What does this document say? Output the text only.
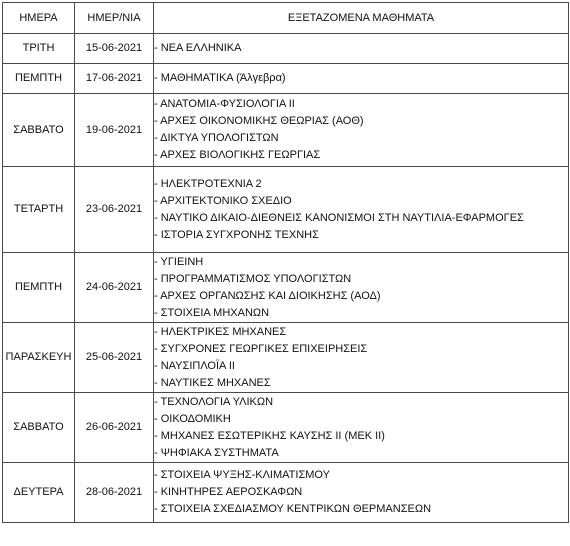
ΗΜΕΡΑ	ΗΜΕΡ/ΝΙΑ	ΕΞΕΤΑΖΟΜΕΝΑ ΜΑΘΗΜΑΤΑ
ΤΡΙΤΗ	15-06-2021	- ΝΕΑ ΕΛΛΗΝΙΚΑ

ΠΕΜΠΤΗ	17-06-2021	- ΜΑΘΗΜΑΤΙΚΑ (Άλγεβρα)

ΣΑΒΒΑΤΟ	19-06-2021	- ΑΝΑΤΟΜΙΑ-ΦΥΣΙΟΛΟΓΙΑ ΙΙ
- ΑΡΧΕΣ ΟΙΚΟΝΟΜΙΚΗΣ ΘΕΩΡΙΑΣ (ΑΟΘ)
- ΔΙΚΤΥΑ ΥΠΟΛΟΓΙΣΤΩΝ
- ΑΡΧΕΣ ΒΙΟΛΟΓΙΚΗΣ ΓΕΩΡΓΙΑΣ

ΤΕΤΑΡΤΗ	23-06-2021	- ΗΛΕΚΤΡΟΤΕΧΝΙΑ 2
- ΑΡΧΙΤΕΚΤΟΝΙΚΟ ΣΧΕΔΙΟ
- ΝΑΥΤΙΚΟ ΔΙΚΑΙΟ-ΔΙΕΘΝΕΙΣ ΚΑΝΟΝΙΣΜΟΙ ΣΤΗ ΝΑΥΤΙΛΙΑ-ΕΦΑΡΜΟΓΕΣ
- ΙΣΤΟΡΙΑ ΣΥΓΧΡΟΝΗΣ ΤΕΧΝΗΣ

ΠΕΜΠΤΗ	24-06-2021	- ΥΓΙΕΙΝΗ
- ΠΡΟΓΡΑΜΜΑΤΙΣΜΟΣ ΥΠΟΛΟΓΙΣΤΩΝ
- ΑΡΧΕΣ ΟΡΓΑΝΩΣΗΣ ΚΑΙ ΔΙΟΙΚΗΣΗΣ (ΑΟΔ)
- ΣΤΟΙΧΕΙΑ ΜΗΧΑΝΩΝ

ΠΑΡΑΣΚΕΥΗ	25-06-2021	- ΗΛΕΚΤΡΙΚΕΣ ΜΗΧΑΝΕΣ
- ΣΥΓΧΡΟΝΕΣ ΓΕΩΡΓΙΚΕΣ ΕΠΙΧΕΙΡΗΣΕΙΣ
- ΝΑΥΣΙΠΛΟΪΑ ΙΙ
- ΝΑΥΤΙΚΕΣ ΜΗΧΑΝΕΣ

ΣΑΒΒΑΤΟ	26-06-2021	- ΤΕΧΝΟΛΟΓΙΑ ΥΛΙΚΩΝ
- ΟΙΚΟΔΟΜΙΚΗ
- ΜΗΧΑΝΕΣ ΕΣΩΤΕΡΙΚΗΣ ΚΑΥΣΗΣ ΙΙ (ΜΕΚ ΙΙ)
- ΨΗΦΙΑΚΑ ΣΥΣΤΗΜΑΤΑ

ΔΕΥΤΕΡΑ	28-06-2021	- ΣΤΟΙΧΕΙΑ ΨΥΞΗΣ-ΚΛΙΜΑΤΙΣΜΟΥ
- ΚΙΝΗΤΗΡΕΣ ΑΕΡΟΣΚΑΦΩΝ
- ΣΤΟΙΧΕΙΑ ΣΧΕΔΙΑΣΜΟΥ ΚΕΝΤΡΙΚΩΝ ΘΕΡΜΑΝΣΕΩΝ
